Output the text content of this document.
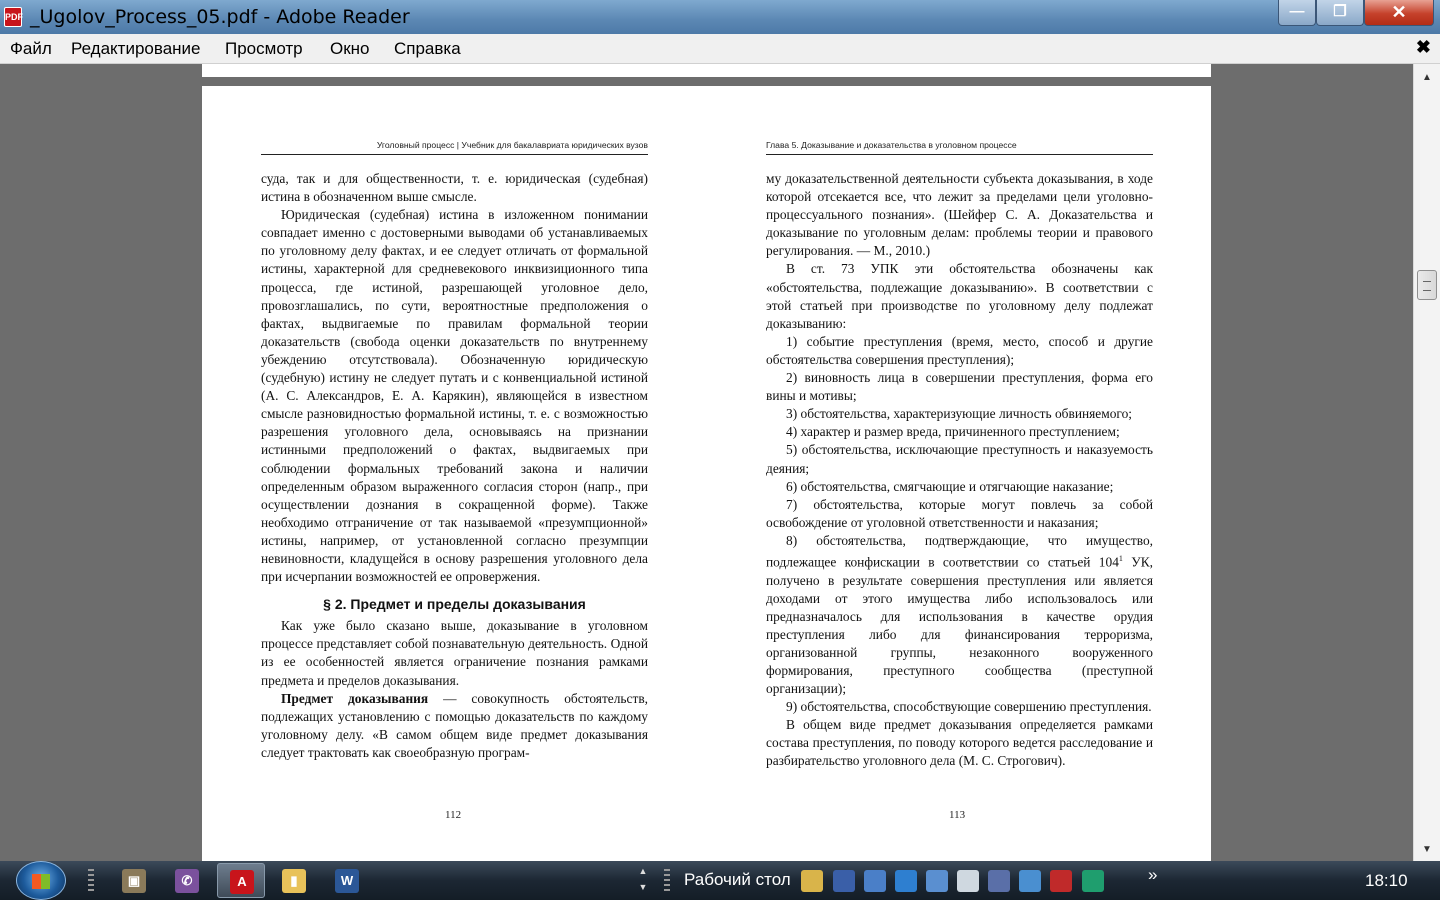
PDF _Ugolov_Process_05.pdf - Adobe Reader	—	❐	✕
Файл Редактирование Просмотр Окно Справка	✖
Уголовный процесс | Учебник для бакалавриата юридических вузов	Глава 5. Доказывание и доказательства в уголовном процессе

суда, так и для общественности, т. е. юридическая (судебная) истина в обозначенном выше смысле.

Юридическая (судебная) истина в изложенном понимании совпадает именно с достоверными выводами об устанавливаемых по уголовному делу фактах, и ее следует отличать от формальной истины, характерной для средневекового инквизиционного типа процесса, где истиной, разрешающей уголовное дело, провозглашались, по сути, вероятностные предположения о фактах, выдвигаемые по правилам формальной теории доказательств (свобода оценки доказательств по внутреннему убеждению отсутствовала). Обозначенную юридическую (судебную) истину не следует путать и с конвенциальной истиной (А. С. Александров, Е. А. Карякин), являющейся в известном смысле разновидностью формальной истины, т. е. с возможностью разрешения уголовного дела, основываясь на признании истинными предположений о фактах, выдвигаемых при соблюдении формальных требований закона и наличии определенным образом выраженного согласия сторон (напр., при осуществлении дознания в сокращенной форме). Также необходимо отграничение от так называемой «презумпционной» истины, например, от установленной согласно презумпции невиновности, кладущейся в основу разрешения уголовного дела при исчерпании возможностей ее опровержения.

§ 2. Предмет и пределы доказывания

Как уже было сказано выше, доказывание в уголовном процессе представляет собой познавательную деятельность. Одной из ее особенностей является ограничение познания рамками предмета и пределов доказывания.

Предмет доказывания — совокупность обстоятельств, подлежащих установлению с помощью доказательств по каждому уголовному делу. «В самом общем виде предмет доказывания следует трактовать как своеобразную програм-

му доказательственной деятельности субъекта доказывания, в ходе которой отсекается все, что лежит за пределами цели уголовно-процессуального познания». (Шейфер С. А. Доказательства и доказывание по уголовным делам: проблемы теории и правового регулирования. — М., 2010.)

В ст. 73 УПК эти обстоятельства обозначены как «обстоятельства, подлежащие доказыванию». В соответствии с этой статьей при производстве по уголовному делу подлежат доказыванию:

1) событие преступления (время, место, способ и другие обстоятельства совершения преступления);

2) виновность лица в совершении преступления, форма его вины и мотивы;

3) обстоятельства, характеризующие личность обвиняемого;

4) характер и размер вреда, причиненного преступлением;

5) обстоятельства, исключающие преступность и наказуемость деяния;

6) обстоятельства, смягчающие и отягчающие наказание;

7) обстоятельства, которые могут повлечь за собой освобождение от уголовной ответственности и наказания;

8) обстоятельства, подтверждающие, что имущество, подлежащее конфискации в соответствии со статьей $104^1$ УК, получено в результате совершения преступления или является доходами от этого имущества либо использовалось или предназначалось для использования в качестве орудия преступления либо для финансирования терроризма, организованной группы, незаконного вооруженного формирования, преступного сообщества (преступной организации);

9) обстоятельства, способствующие совершению преступления.

В общем виде предмет доказывания определяется рамками состава преступления, по поводу которого ведется расследование и разбирательство уголовного дела (М. С. Строгович).

112	113
▲
▼
▣	✆	A	▮	W
▲
▼	Рабочий стол	»	18:10
